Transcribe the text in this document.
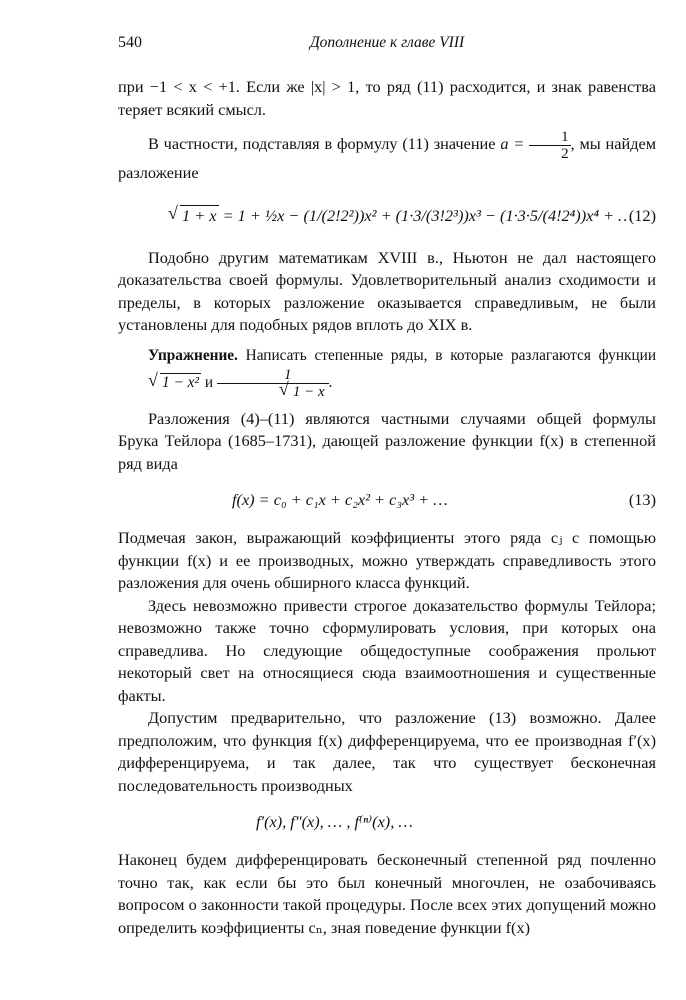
540	Дополнение к главе VIII

при −1 < x < +1. Если же |x| > 1, то ряд (11) расходится, и знак равенства теряет всякий смысл.

В частности, подставляя в формулу (11) значение $a = \frac{1}{2}$ , мы найдем разложение

√ 1 + x = 1 + ½x − (1/(2!2²))x² + (1·3/(3!2³))x³ − (1·3·5/(4!2⁴))x⁴ + …
(12)

Подобно другим математикам XVIII в., Ньютон не дал настоящего доказательства своей формулы. Удовлетворительный анализ сходимости и пределы, в которых разложение оказывается справедливым, не были установлены для подобных рядов вплоть до XIX в.

Упражнение. Написать степенные ряды, в которые разлагаются функции √ 1 − x² и 1
√ 1 − x .

Разложения (4)–(11) являются частными случаями общей формулы Брука Тейлора (1685–1731), дающей разложение функции f(x) в степенной ряд вида

f(x) = c₀ + c₁x + c₂x² + c₃x³ + …	(13)

Подмечая закон, выражающий коэффициенты этого ряда cⱼ с помощью функции f(x) и ее производных, можно утверждать справедливость этого разложения для очень обширного класса функций.

Здесь невозможно привести строгое доказательство формулы Тейлора; невозможно также точно сформулировать условия, при которых она справедлива. Но следующие общедоступные соображения прольют некоторый свет на относящиеся сюда взаимоотношения и существенные факты.

Допустим предварительно, что разложение (13) возможно. Далее предположим, что функция f(x) дифференцируема, что ее производная f′(x) дифференцируема, и так далее, так что существует бесконечная последовательность производных

f′(x), f″(x), … , f⁽ⁿ⁾(x), …

Наконец будем дифференцировать бесконечный степенной ряд почленно точно так, как если бы это был конечный многочлен, не озабочиваясь вопросом о законности такой процедуры. После всех этих допущений можно определить коэффициенты cₙ, зная поведение функции f(x)
